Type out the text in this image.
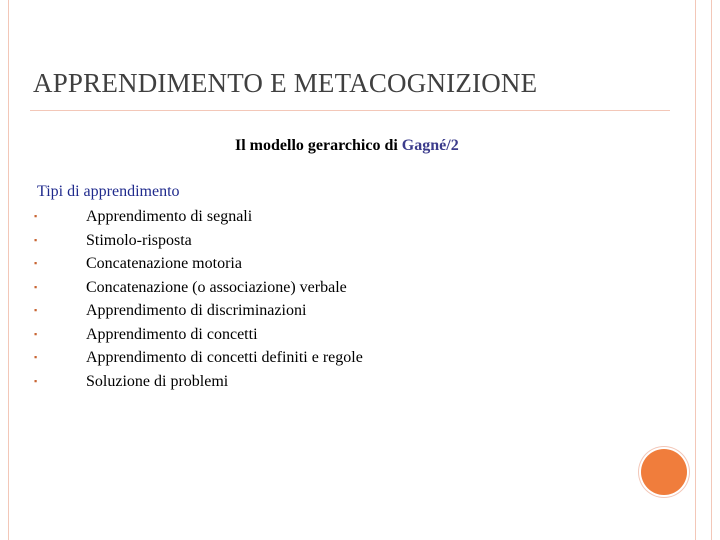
APPRENDIMENTO E METACOGNIZIONE
Il modello gerarchico di Gagné/2
Tipi di apprendimento
▪	Apprendimento di segnali
▪	Stimolo-risposta
▪	Concatenazione motoria
▪	Concatenazione (o associazione) verbale
▪	Apprendimento di discriminazioni
▪	Apprendimento di concetti
▪	Apprendimento di concetti definiti e regole
▪	Soluzione di problemi
